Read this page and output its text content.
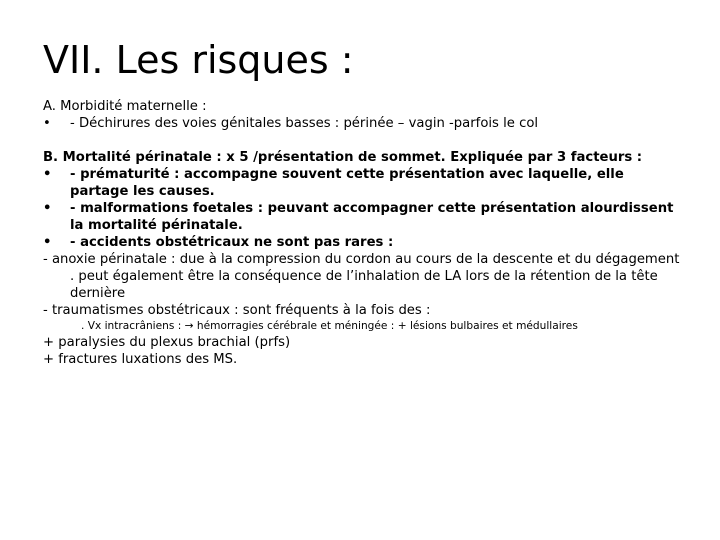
VII. Les risques :

A. Morbidité maternelle :

• - Déchirures des voies génitales basses : périnée – vagin -parfois le col

B. Mortalité périnatale : x 5 /présentation de sommet. Expliquée par 3 facteurs :

• - prématurité : accompagne souvent cette présentation avec laquelle, elle partage les causes.
• - malformations foetales : peuvant accompagner cette présentation alourdissent la mortalité périnatale.
• - accidents obstétricaux ne sont pas rares :

- anoxie périnatale : due à la compression du cordon au cours de la descente et du dégagement . peut également être la conséquence de l’inhalation de LA lors de la rétention de la tête dernière

- traumatismes obstétricaux : sont fréquents à la fois des :

. Vx intracrâniens : → hémorragies cérébrale et méningée : + lésions bulbaires et médullaires

+ paralysies du plexus brachial (prfs)

+ fractures luxations des MS.
